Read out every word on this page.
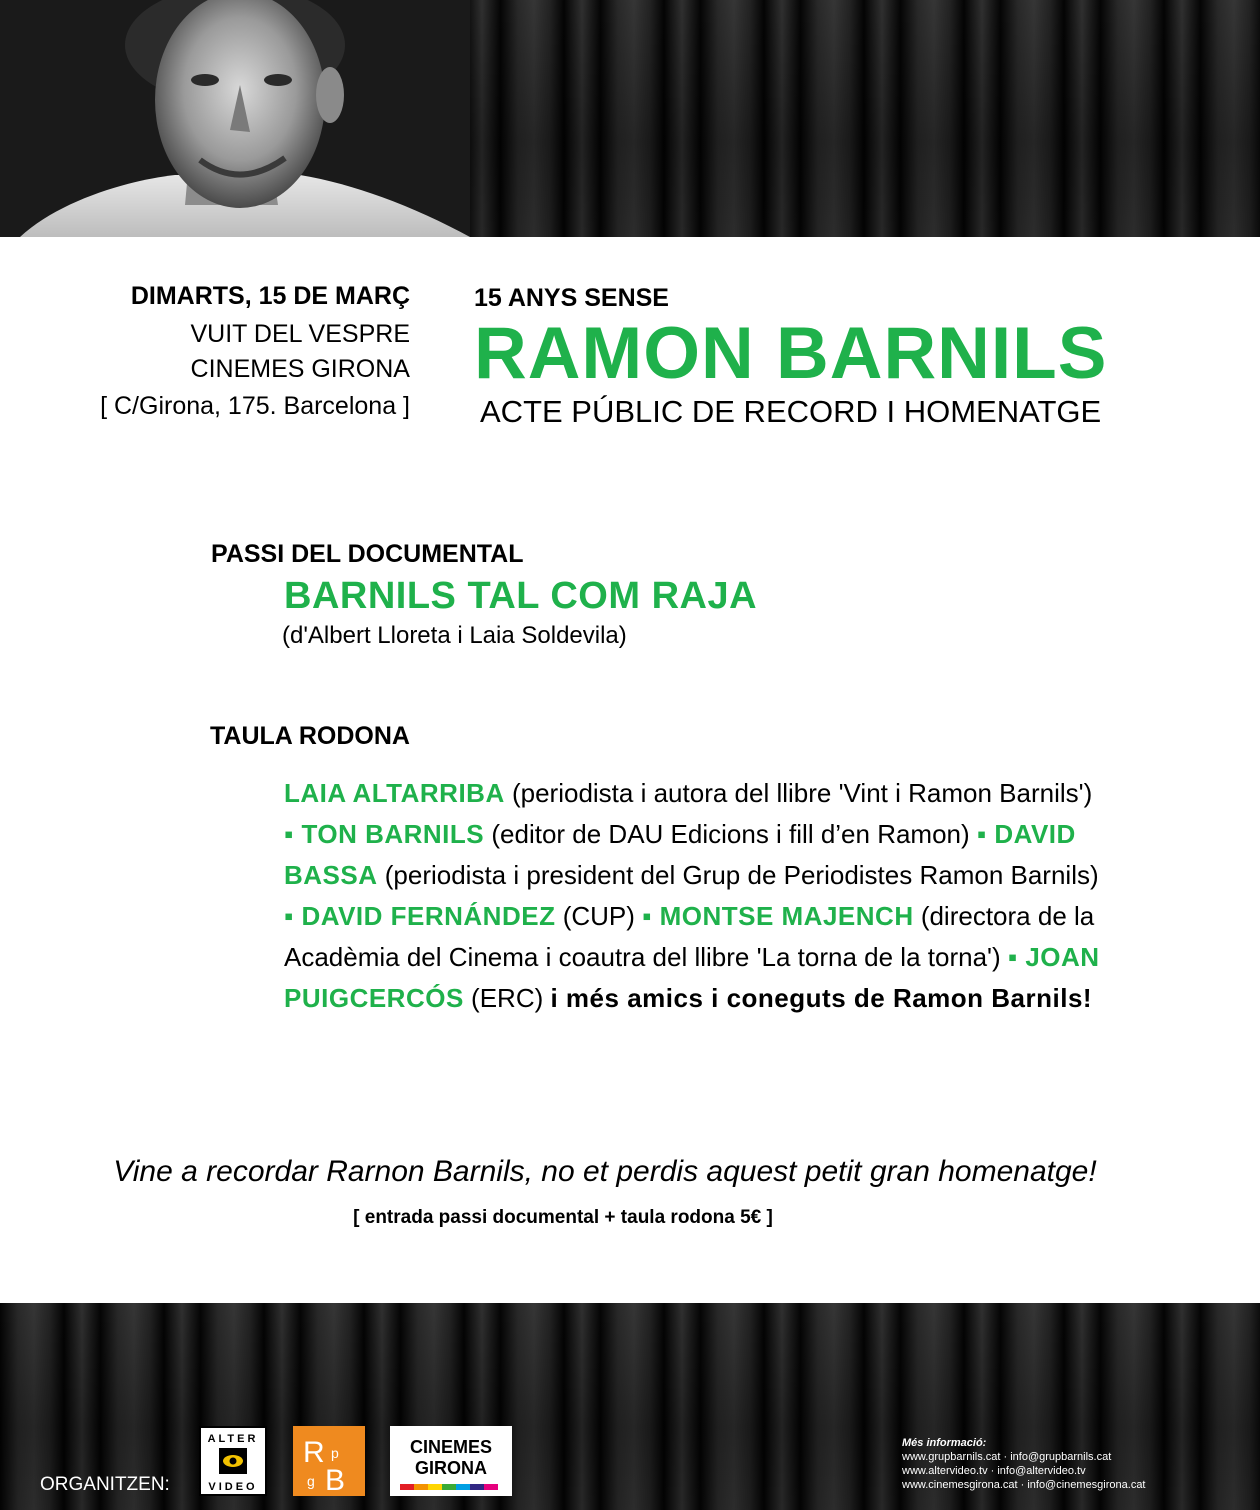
DIMARTS, 15 DE MARÇ
VUIT DEL VESPRE
CINEMES GIRONA
[ C/Girona, 175. Barcelona ]
15 ANYS SENSE
RAMON BARNILS
ACTE PÚBLIC DE RECORD I HOMENATGE
PASSI DEL DOCUMENTAL
BARNILS TAL COM RAJA
(d'Albert Lloreta i Laia Soldevila)
TAULA RODONA
LAIA ALTARRIBA (periodista i autora del llibre 'Vint i Ramon Barnils') ▪ TON BARNILS (editor de DAU Edicions i fill d’en Ramon) ▪ DAVID BASSA (periodista i president del Grup de Periodistes Ramon Barnils) ▪ DAVID FERNÁNDEZ (CUP) ▪ MONTSE MAJENCH (directora de la Acadèmia del Cinema i coautra del llibre 'La torna de la torna') ▪ JOAN PUIGCERCÓS (ERC) i més amics i coneguts de Ramon Barnils!
Vine a recordar Rarnon Barnils, no et perdis aquest petit gran homenatge!
[ entrada passi documental + taula rodona 5€ ]
ORGANITZEN:
ALTER
VIDEO
R p
g B
CINEMES
GIRONA
Més informació:
www.grupbarnils.cat · info@grupbarnils.cat
www.altervideo.tv · info@altervideo.tv
www.cinemesgirona.cat · info@cinemesgirona.cat
